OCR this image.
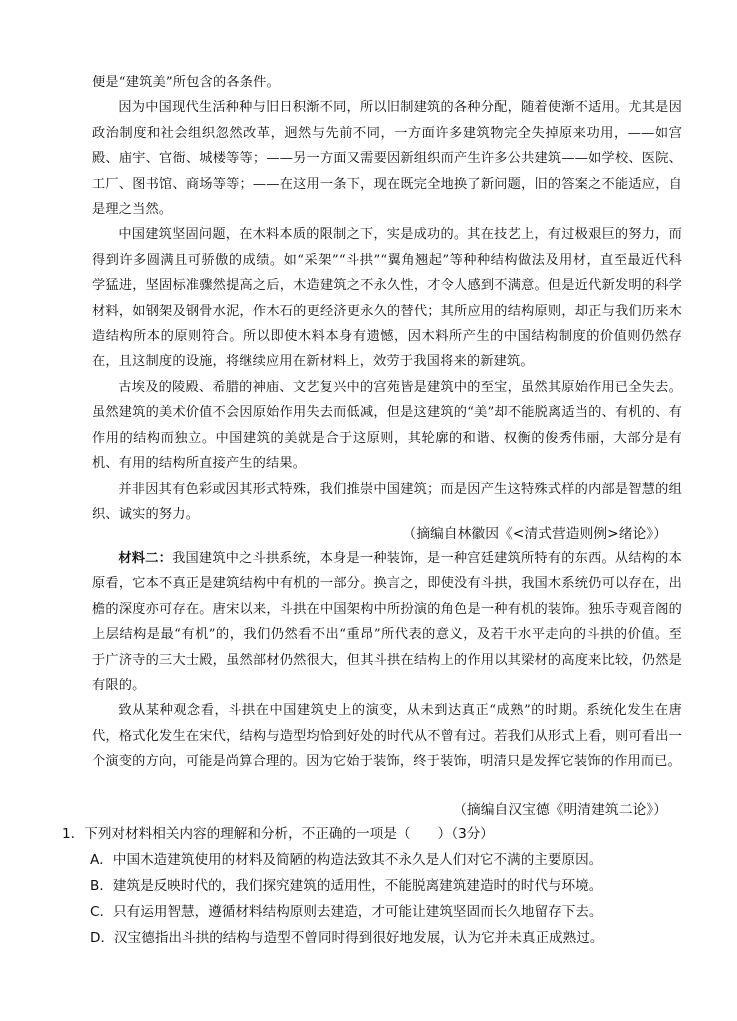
便是“建筑美”所包含的各条件。

因为中国现代生活种种与旧日积渐不同，所以旧制建筑的各种分配，随着使渐不适用。尤其是因政治制度和社会组织忽然改革，迥然与先前不同，一方面许多建筑物完全失掉原来功用，——如宫殿、庙宇、官衙、城楼等等；——另一方面又需要因新组织而产生许多公共建筑——如学校、医院、工厂、图书馆、商场等等；——在这用一条下，现在既完全地换了新问题，旧的答案之不能适应，自是理之当然。

中国建筑坚固问题，在木料本质的限制之下，实是成功的。其在技艺上，有过极艰巨的努力，而得到许多圆满且可骄傲的成绩。如“采架”“斗拱”“翼角翘起”等种种结构做法及用材，直至最近代科学猛进，坚固标准骤然提高之后，木造建筑之不永久性，才令人感到不满意。但是近代新发明的科学材料，如钢架及钢骨水泥，作木石的更经济更永久的替代；其所应用的结构原则，却正与我们历来木造结构所本的原则符合。所以即使木料本身有遗憾，因木料所产生的中国结构制度的价值则仍然存在，且这制度的设施，将继续应用在新材料上，效劳于我国将来的新建筑。

古埃及的陵殿、希腊的神庙、文艺复兴中的宫苑皆是建筑中的至宝，虽然其原始作用已全失去。虽然建筑的美术价值不会因原始作用失去而低减，但是这建筑的“美”却不能脱离适当的、有机的、有作用的结构而独立。中国建筑的美就是合于这原则，其轮廓的和谐、权衡的俊秀伟丽，大部分是有机、有用的结构所直接产生的结果。

并非因其有色彩或因其形式特殊，我们推崇中国建筑；而是因产生这特殊式样的内部是智慧的组织、诚实的努力。

（摘编自林徽因《<清式营造则例>绪论》）

材料二：我国建筑中之斗拱系统，本身是一种装饰，是一种宫廷建筑所特有的东西。从结构的本原看，它本不真正是建筑结构中有机的一部分。换言之，即使没有斗拱，我国木系统仍可以存在，出檐的深度亦可存在。唐宋以来，斗拱在中国架构中所扮演的角色是一种有机的装饰。独乐寺观音阁的上层结构是最“有机”的，我们仍然看不出“重昂”所代表的意义，及若干水平走向的斗拱的价值。至于广济寺的三大士殿，虽然部材仍然很大，但其斗拱在结构上的作用以其梁材的高度来比较，仍然是有限的。

致从某种观念看，斗拱在中国建筑史上的演变，从未到达真正“成熟”的时期。系统化发生在唐代，格式化发生在宋代，结构与造型均恰到好处的时代从不曾有过。若我们从形式上看，则可看出一个演变的方向，可能是尚算合理的。因为它始于装饰，终于装饰，明清只是发挥它装饰的作用而已。

（摘编自汉宝德《明清建筑二论》）
1．下列对材料相关内容的理解和分析，不正确的一项是（　　）（3分）
A．中国木造建筑使用的材料及简陋的构造法致其不永久是人们对它不满的主要原因。
B．建筑是反映时代的，我们探究建筑的适用性，不能脱离建筑建造时的时代与环境。
C．只有运用智慧，遵循材料结构原则去建造，才可能让建筑坚固而长久地留存下去。
D．汉宝德指出斗拱的结构与造型不曾同时得到很好地发展，认为它并未真正成熟过。
